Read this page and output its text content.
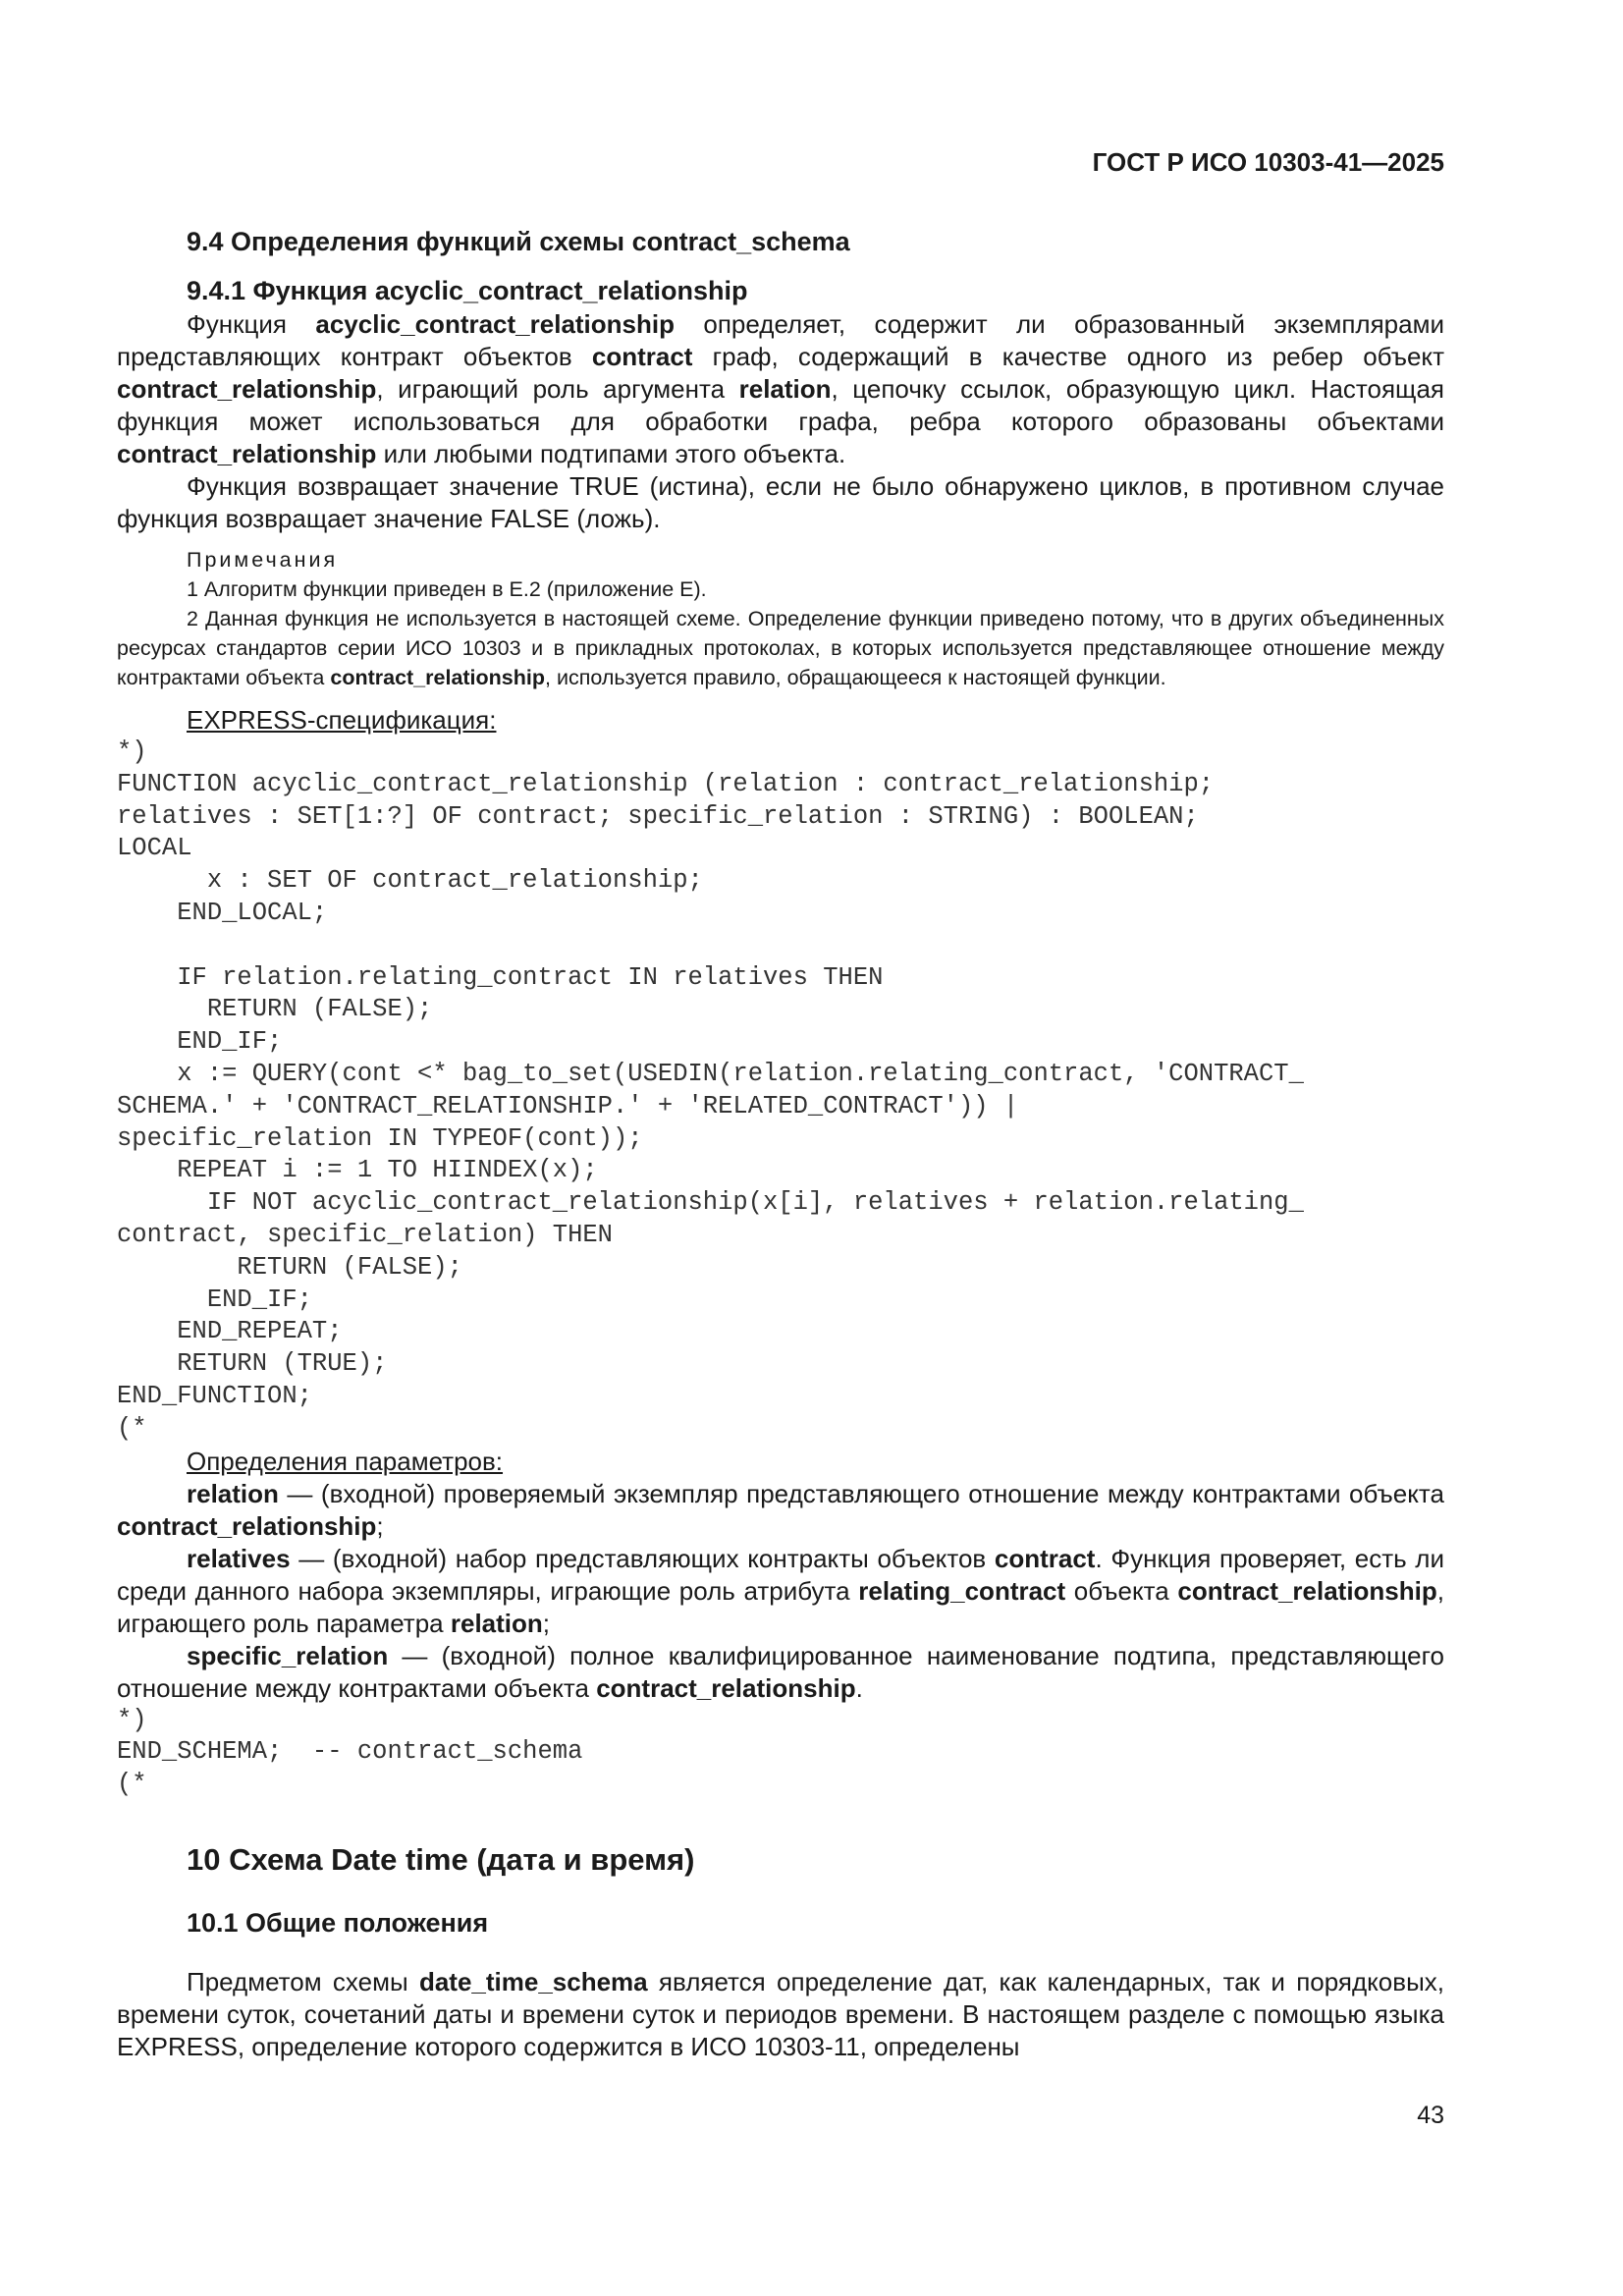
ГОСТ Р ИСО 10303-41—2025
9.4 Определения функций схемы contract_schema
9.4.1 Функция acyclic_contract_relationship

Функция acyclic_contract_relationship определяет, содержит ли образованный экземплярами представляющих контракт объектов contract граф, содержащий в качестве одного из ребер объект contract_relationship, играющий роль аргумента relation, цепочку ссылок, образующую цикл. Настоящая функция может использоваться для обработки графа, ребра которого образованы объектами contract_relationship или любыми подтипами этого объекта.

Функция возвращает значение TRUE (истина), если не было обнаружено циклов, в противном случае функция возвращает значение FALSE (ложь).

Примечания

1 Алгоритм функции приведен в Е.2 (приложение Е).

2 Данная функция не используется в настоящей схеме. Определение функции приведено потому, что в других объединенных ресурсах стандартов серии ИСО 10303 и в прикладных протоколах, в которых используется представляющее отношение между контрактами объекта contract_relationship, используется правило, обращающееся к настоящей функции.

EXPRESS-спецификация:
*)
FUNCTION acyclic_contract_relationship (relation : contract_relationship;
relatives : SET[1:?] OF contract; specific_relation : STRING) : BOOLEAN;
LOCAL
x : SET OF contract_relationship;
END_LOCAL;

IF relation.relating_contract IN relatives THEN
RETURN (FALSE);
END_IF;
x := QUERY(cont <* bag_to_set(USEDIN(relation.relating_contract, 'CONTRACT_
SCHEMA.' + 'CONTRACT_RELATIONSHIP.' + 'RELATED_CONTRACT')) |
specific_relation IN TYPEOF(cont));
REPEAT i := 1 TO HIINDEX(x);
IF NOT acyclic_contract_relationship(x[i], relatives + relation.relating_
contract, specific_relation) THEN
RETURN (FALSE);
END_IF;
END_REPEAT;
RETURN (TRUE);
END_FUNCTION;
(*
Определения параметров:

relation — (входной) проверяемый экземпляр представляющего отношение между контрактами объекта contract_relationship;

relatives — (входной) набор представляющих контракты объектов contract. Функция проверяет, есть ли среди данного набора экземпляры, играющие роль атрибута relating_contract объекта contract_relationship, играющего роль параметра relation;

specific_relation — (входной) полное квалифицированное наименование подтипа, представляющего отношение между контрактами объекта contract_relationship.

*)
END_SCHEMA;  -- contract_schema
(*
10 Схема Date time (дата и время)
10.1 Общие положения

Предметом схемы date_time_schema является определение дат, как календарных, так и порядковых, времени суток, сочетаний даты и времени суток и периодов времени. В настоящем разделе с помощью языка EXPRESS, определение которого содержится в ИСО 10303-11, определены

43
